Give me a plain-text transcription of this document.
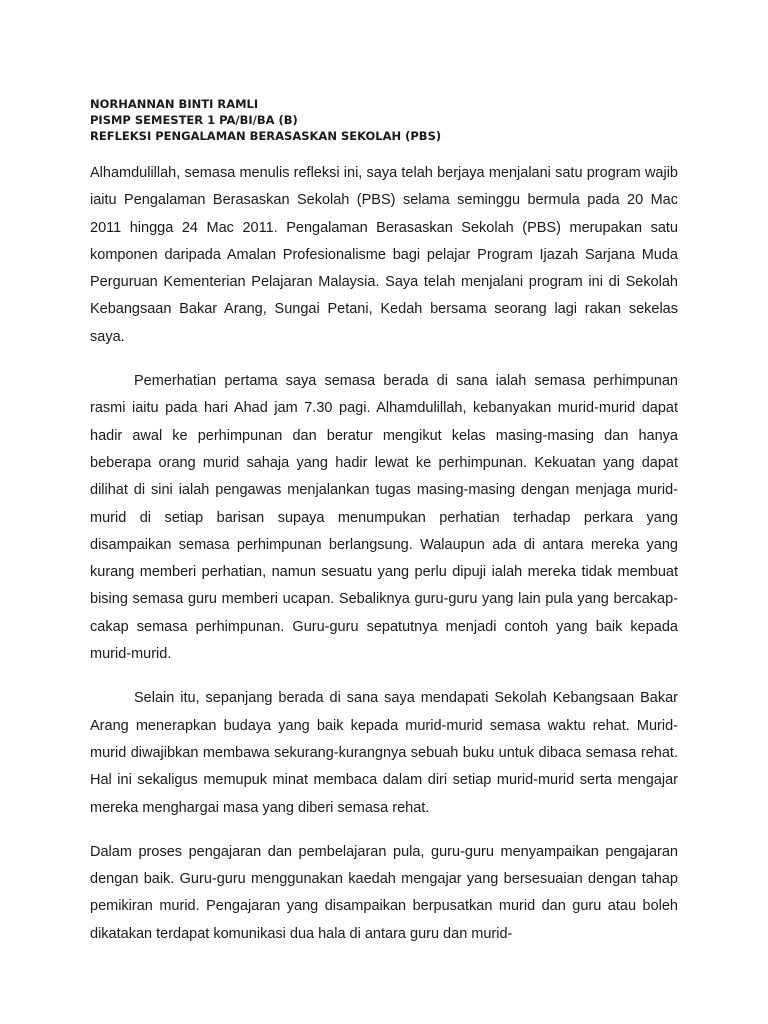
NORHANNAN BINTI RAMLI

PISMP SEMESTER 1 PA/BI/BA (B)

REFLEKSI PENGALAMAN BERASASKAN SEKOLAH (PBS)

Alhamdulillah, semasa menulis refleksi ini, saya telah berjaya menjalani satu program wajib iaitu Pengalaman Berasaskan Sekolah (PBS) selama seminggu bermula pada 20 Mac 2011 hingga 24 Mac 2011. Pengalaman Berasaskan Sekolah (PBS) merupakan satu komponen daripada Amalan Profesionalisme bagi pelajar Program Ijazah Sarjana Muda Perguruan Kementerian Pelajaran Malaysia. Saya telah menjalani program ini di Sekolah Kebangsaan Bakar Arang, Sungai Petani, Kedah bersama seorang lagi rakan sekelas saya.

Pemerhatian pertama saya semasa berada di sana ialah semasa perhimpunan rasmi iaitu pada hari Ahad jam 7.30 pagi. Alhamdulillah, kebanyakan murid-murid dapat hadir awal ke perhimpunan dan beratur mengikut kelas masing-masing dan hanya beberapa orang murid sahaja yang hadir lewat ke perhimpunan. Kekuatan yang dapat dilihat di sini ialah pengawas menjalankan tugas masing-masing dengan menjaga murid-murid di setiap barisan supaya menumpukan perhatian terhadap perkara yang disampaikan semasa perhimpunan berlangsung. Walaupun ada di antara mereka yang kurang memberi perhatian, namun sesuatu yang perlu dipuji ialah mereka tidak membuat bising semasa guru memberi ucapan. Sebaliknya guru-guru yang lain pula yang bercakap-cakap semasa perhimpunan. Guru-guru sepatutnya menjadi contoh yang baik kepada murid-murid.

Selain itu, sepanjang berada di sana saya mendapati Sekolah Kebangsaan Bakar Arang menerapkan budaya yang baik kepada murid-murid semasa waktu rehat. Murid-murid diwajibkan membawa sekurang-kurangnya sebuah buku untuk dibaca semasa rehat. Hal ini sekaligus memupuk minat membaca dalam diri setiap murid-murid serta mengajar mereka menghargai masa yang diberi semasa rehat.

Dalam proses pengajaran dan pembelajaran pula, guru-guru menyampaikan pengajaran dengan baik. Guru-guru menggunakan kaedah mengajar yang bersesuaian dengan tahap pemikiran murid. Pengajaran yang disampaikan berpusatkan murid dan guru atau boleh dikatakan terdapat komunikasi dua hala di antara guru dan murid-
